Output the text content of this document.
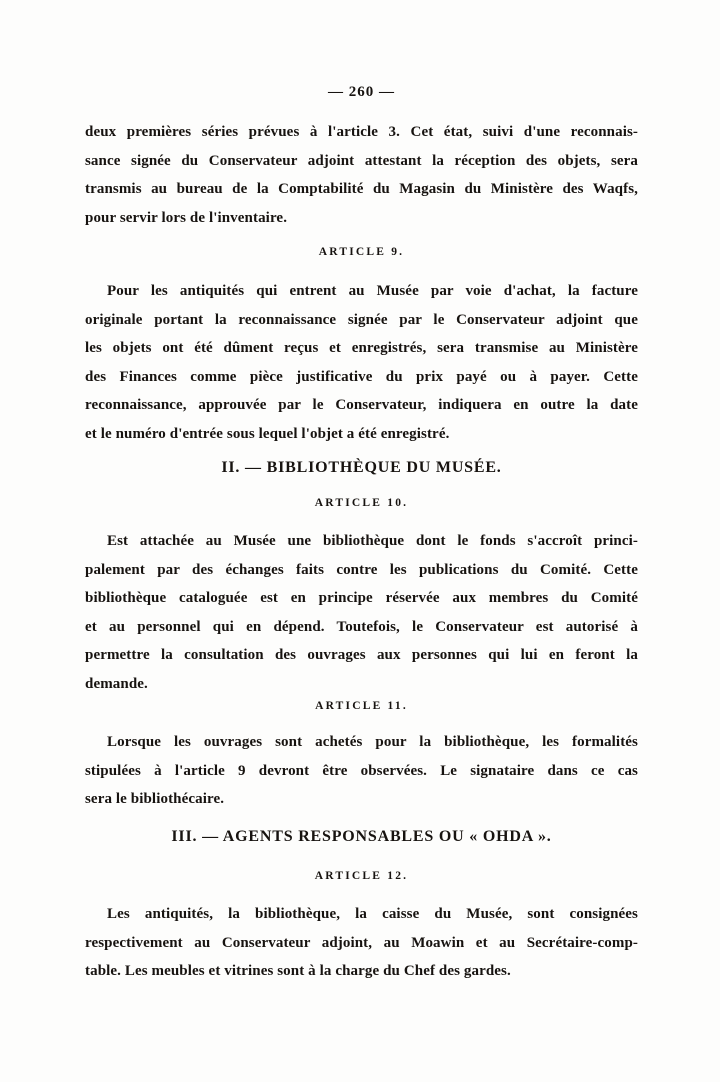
— 260 —
deux premières séries prévues à l'article 3. Cet état, suivi d'une reconnais-
sance signée du Conservateur adjoint attestant la réception des objets, sera
transmis au bureau de la Comptabilité du Magasin du Ministère des Waqfs,
pour servir lors de l'inventaire.
ARTICLE 9.
Pour les antiquités qui entrent au Musée par voie d'achat, la facture
originale portant la reconnaissance signée par le Conservateur adjoint que
les objets ont été dûment reçus et enregistrés, sera transmise au Ministère
des Finances comme pièce justificative du prix payé ou à payer. Cette
reconnaissance, approuvée par le Conservateur, indiquera en outre la date
et le numéro d'entrée sous lequel l'objet a été enregistré.
II. — BIBLIOTHÈQUE DU MUSÉE.
ARTICLE 10.
Est attachée au Musée une bibliothèque dont le fonds s'accroît princi-
palement par des échanges faits contre les publications du Comité. Cette
bibliothèque cataloguée est en principe réservée aux membres du Comité
et au personnel qui en dépend. Toutefois, le Conservateur est autorisé à
permettre la consultation des ouvrages aux personnes qui lui en feront la
demande.
ARTICLE 11.
Lorsque les ouvrages sont achetés pour la bibliothèque, les formalités
stipulées à l'article 9 devront être observées. Le signataire dans ce cas
sera le bibliothécaire.
III. — AGENTS RESPONSABLES OU « OHDA ».
ARTICLE 12.
Les antiquités, la bibliothèque, la caisse du Musée, sont consignées
respectivement au Conservateur adjoint, au Moawin et au Secrétaire-comp-
table. Les meubles et vitrines sont à la charge du Chef des gardes.
